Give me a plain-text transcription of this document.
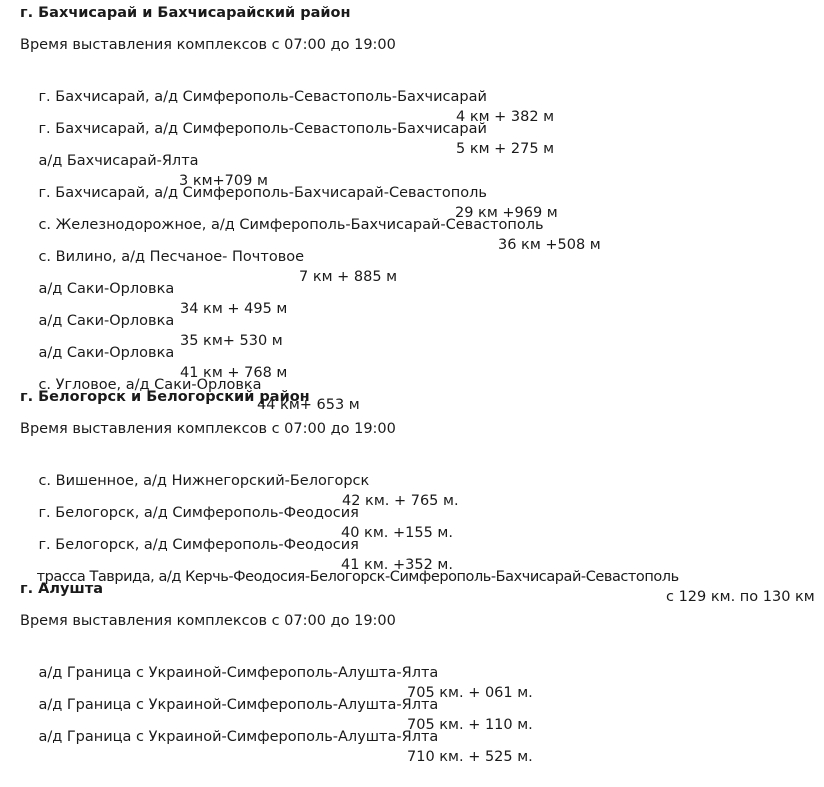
г. Бахчисарай и Бахчисарайский район
Время выставления комплексов с 07:00 до 19:00

г. Бахчисарай, а/д Симферополь-Севастополь-Бахчисарай

4 км + 382 м

г. Бахчисарай, а/д Симферополь-Севастополь-Бахчисарай

5 км + 275 м

а/д Бахчисарай-Ялта

3 км+709 м

г. Бахчисарай, а/д Симферополь-Бахчисарай-Севастополь

29 км +969 м

с. Железнодорожное, а/д Симферополь-Бахчисарай-Севастополь

36 км +508 м

с. Вилино, а/д Песчаное- Почтовое

7 км + 885 м

а/д Саки-Орловка

34 км + 495 м

а/д Саки-Орловка

35 км+ 530 м

а/д Саки-Орловка

41 км + 768 м

с. Угловое, а/д Саки-Орловка

44 км+ 653 м

г. Белогорск и Белогорский район
Время выставления комплексов с 07:00 до 19:00

с. Вишенное, а/д Нижнегорский-Белогорск

42 км. + 765 м.

г. Белогорск, а/д Симферополь-Феодосия

40 км. +155 м.

г. Белогорск, а/д Симферополь-Феодосия

41 км. +352 м.

трасса Таврида, а/д Керчь-Феодосия-Белогорск-Симферополь-Бахчисарай-Севастополь

с 129 км. по 130 км

г. Алушта
Время выставления комплексов с 07:00 до 19:00

а/д Граница с Украиной-Симферополь-Алушта-Ялта

705 км. + 061 м.

а/д Граница с Украиной-Симферополь-Алушта-Ялта

705 км. + 110 м.

а/д Граница с Украиной-Симферополь-Алушта-Ялта

710 км. + 525 м.
